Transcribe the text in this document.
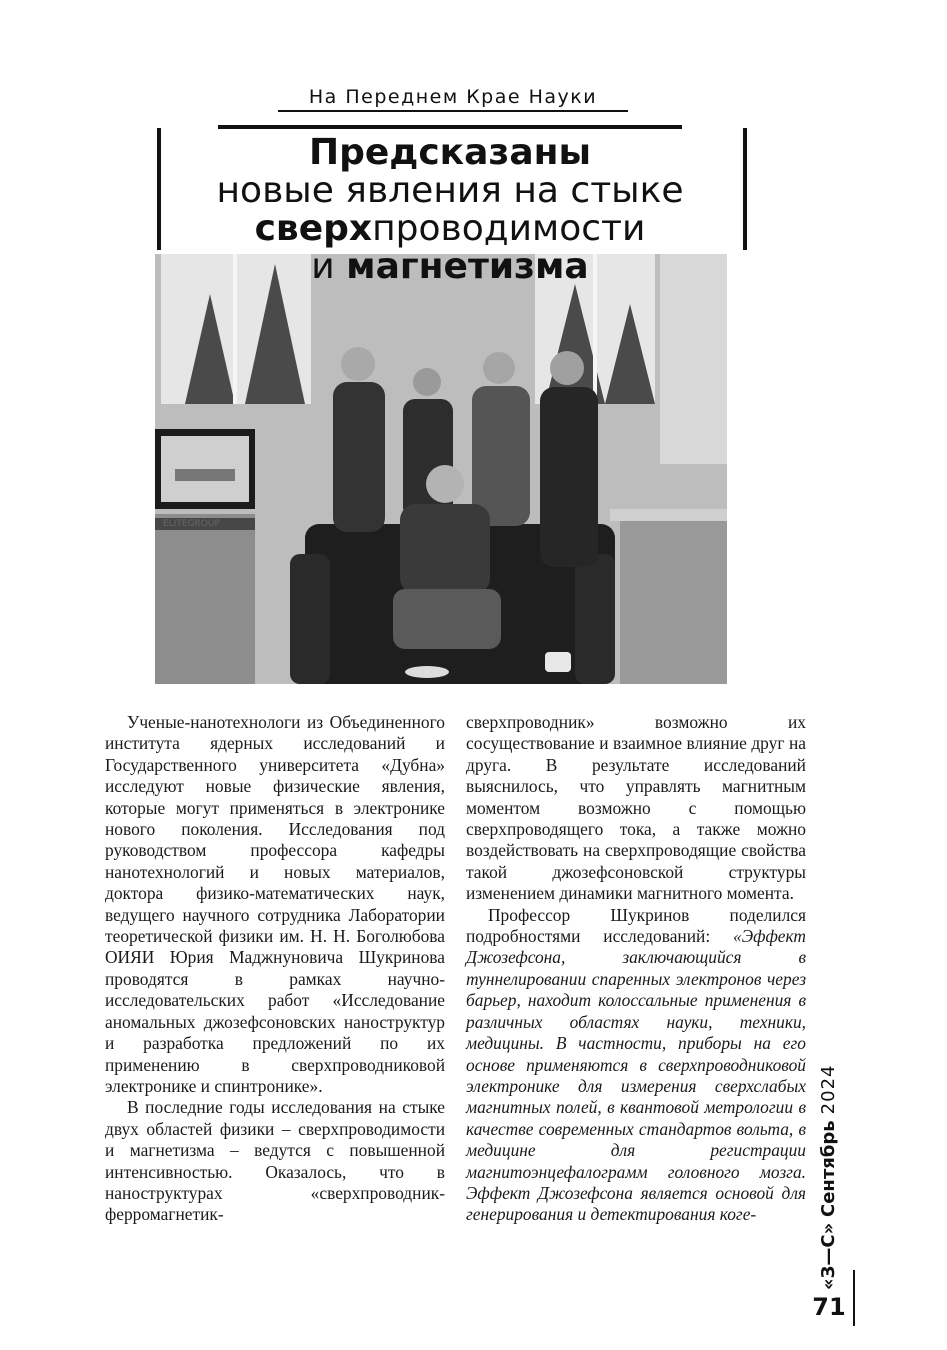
На Переднем Крае Науки
Предсказаны
новые явления на стыке
сверхпроводимости
и магнетизма

Ученые-нанотехнологи из Объединенного института ядерных исследований и Государственного университета «Дубна» исследуют новые физические явления, которые могут применяться в электронике нового поколения. Исследования под руководством профессора кафедры нанотехнологий и новых материалов, доктора физико-математических наук, ведущего научного сотрудника Лаборатории теоретической физики им. Н. Н. Боголюбова ОИЯИ Юрия Маджнуновича Шукринова проводятся в рамках научно-исследовательских работ «Исследование аномальных джозефсоновских наноструктур и разработка предложений по их применению в сверхпроводниковой электронике и спинтронике».

В последние годы исследования на стыке двух областей физики – сверхпроводимости и магнетизма – ведутся с повышенной интенсивностью. Оказалось, что в наноструктурах «сверхпроводник-ферромагнетик-

сверхпроводник» возможно их сосуществование и взаимное влияние друг на друга. В результате исследований выяснилось, что управлять магнитным моментом возможно с помощью сверхпроводящего тока, а также можно воздействовать на сверхпроводящие свойства такой джозефсоновской структуры изменением динамики магнитного момента.

Профессор Шукринов поделился подробностями исследований: «Эффект Джозефсона, заключающийся в туннелировании спаренных электронов через барьер, находит колоссальные применения в различных областях науки, техники, медицины. В частности, приборы на его основе применяются в сверхпроводниковой электронике для измерения сверхслабых магнитных полей, в квантовой метрологии в качестве современных стандартов вольта, в медицине для регистрации магнитоэнцефалограмм головного мозга. Эффект Джозефсона является основой для генерирования и детектирования коге-

«З—С» Сентябрь2024
71
